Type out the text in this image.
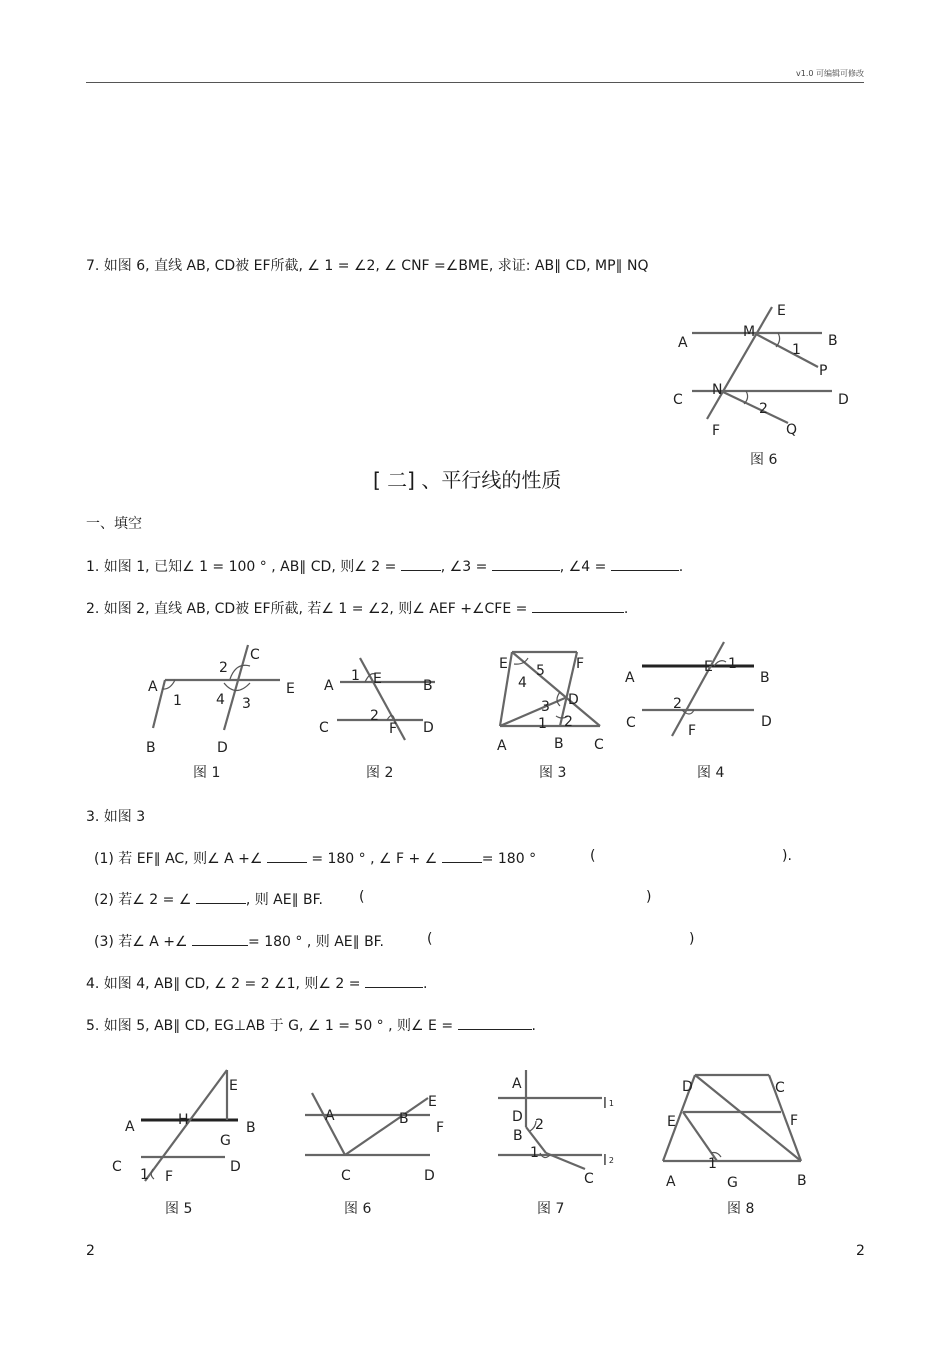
v1.0 可编辑可修改
7. 如图 6, 直线 AB, CD被 EF所截, ∠ 1 = ∠2, ∠ CNF =∠BME, 求证: AB∥ CD, MP∥ NQ
E
M
A	B
1
P
N
C	D
2
F	Q
图 6
[ 二] 、平行线的性质
一、填空
1. 如图 1, 已知∠ 1 = 100 ° , AB∥ CD, 则∠ 2 =	, ∠3 =	, ∠4 =	.
2. 如图 2, 直线 AB, CD被 EF所截, 若∠ 1 = ∠2, 则∠ AEF +∠CFE =	.
A
C
2
E
1 4 3
B	D
图 1
A
1 E	B
2
C	F D
图 2
E 5 F
4
D
3
1 2
A	B C
图 3
A
E 1
B
2
C	D
F
图 4
3. 如图 3
(1) 若 EF∥ AC, 则∠ A +∠	= 180 ° , ∠ F + ∠	= 180 °	(	).
(2) 若∠ 2 = ∠	, 则 AE∥ BF.	(	)
(3) 若∠ A +∠	= 180 ° , 则 AE∥ BF.	(	)
4. 如图 4, AB∥ CD, ∠ 2 = 2 ∠1, 则∠ 2 =	.
5. 如图 5, AB∥ CD, EG⊥AB 于 G, ∠ 1 = 50 ° , 则∠ E =	.
E
A	H	B
G
C	D
1 F
图 5
A	B
E
F
C	D
图 6
A
l 1
D 2
B
1	l 2
C
图 7
D	C
E	F
1
A	G	B
图 8
2	2
